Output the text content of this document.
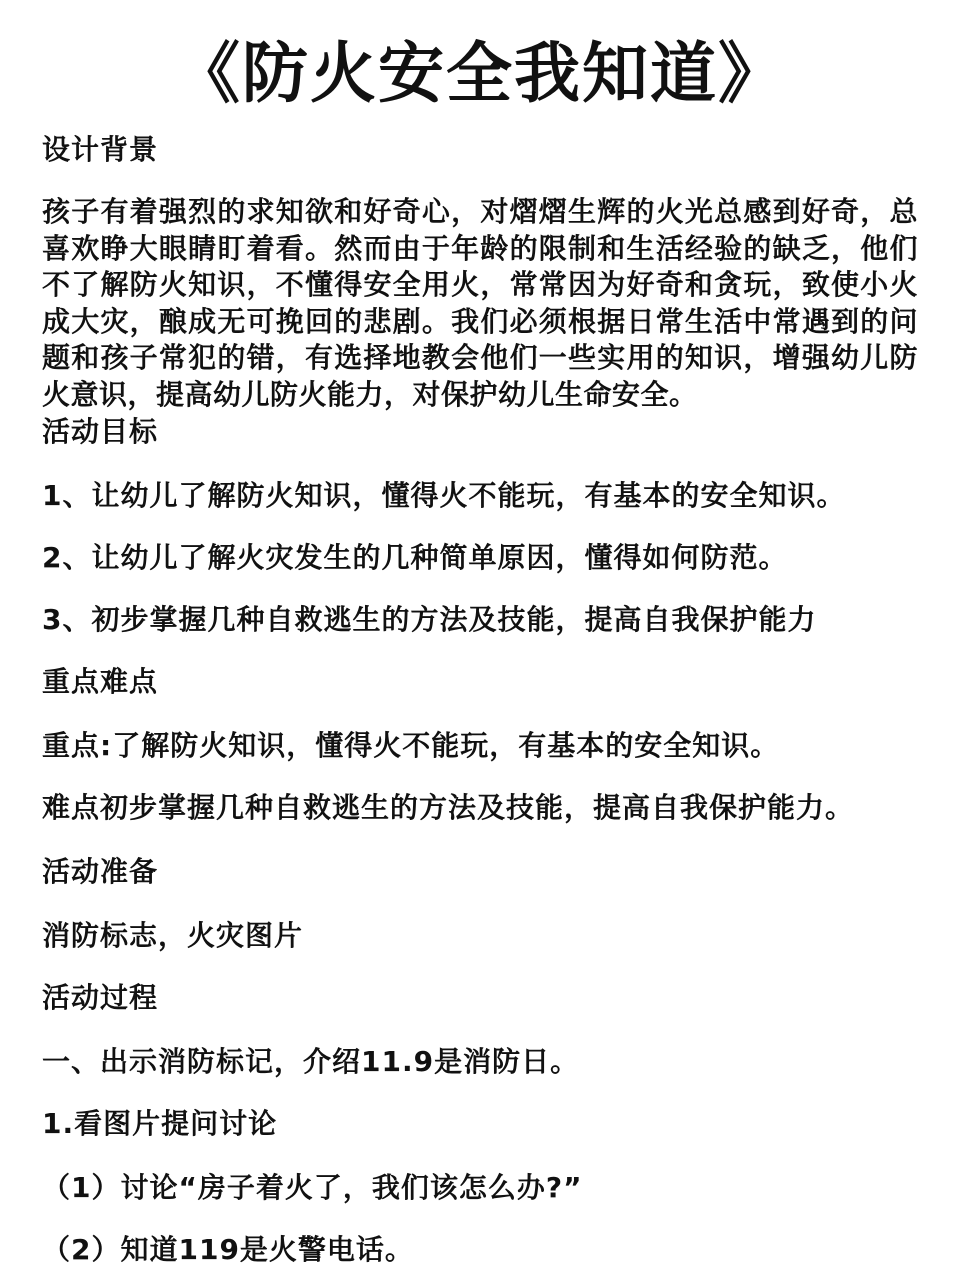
《防火安全我知道》
设计背景
孩子有着强烈的求知欲和好奇心，对熠熠生辉的火光总感到好奇，总喜欢睁大眼睛盯着看。然而由于年龄的限制和生活经验的缺乏，他们不了解防火知识，不懂得安全用火，常常因为好奇和贪玩，致使小火成大灾，酿成无可挽回的悲剧。我们必须根据日常生活中常遇到的问题和孩子常犯的错，有选择地教会他们一些实用的知识，增强幼儿防火意识，提高幼儿防火能力，对保护幼儿生命安全。
活动目标
1、让幼儿了解防火知识，懂得火不能玩，有基本的安全知识。
2、让幼儿了解火灾发生的几种简单原因，懂得如何防范。
3、初步掌握几种自救逃生的方法及技能，提高自我保护能力
重点难点
重点:了解防火知识，懂得火不能玩，有基本的安全知识。
难点初步掌握几种自救逃生的方法及技能，提高自我保护能力。
活动准备
消防标志，火灾图片
活动过程
一、出示消防标记，介绍11.9是消防日。
1.看图片提问讨论
（1）讨论“房子着火了，我们该怎么办?”
（2）知道119是火警电话。
